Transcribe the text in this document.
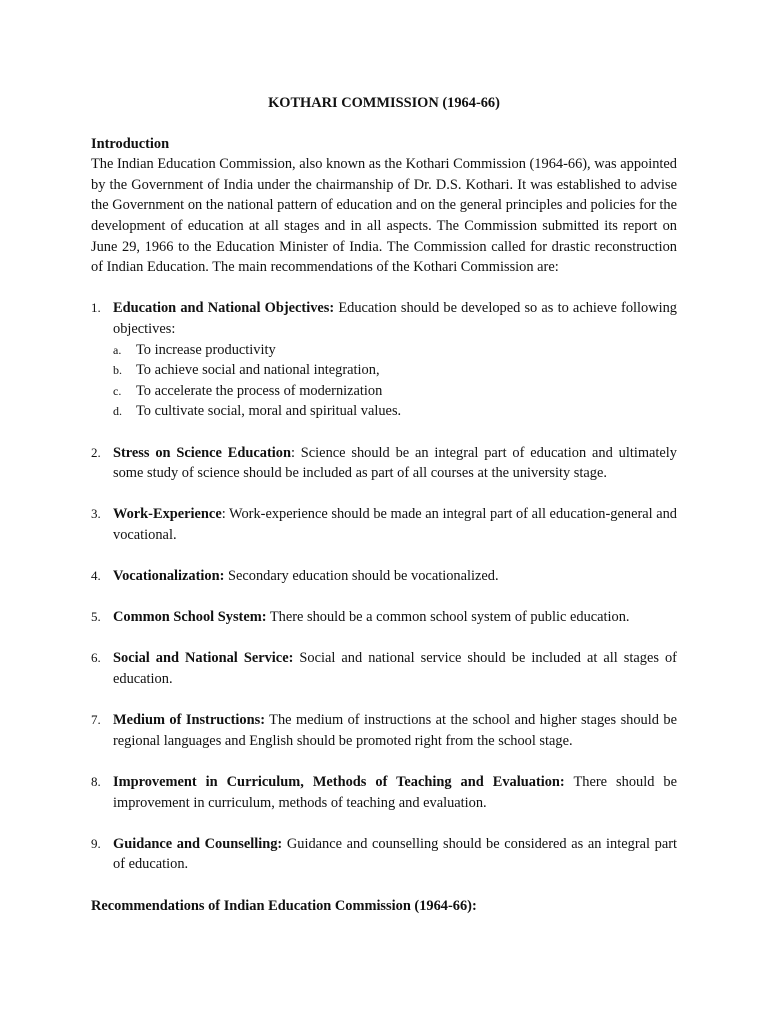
KOTHARI COMMISSION (1964-66)

Introduction

The Indian Education Commission, also known as the Kothari Commission (1964-66), was appointed by the Government of India under the chairmanship of Dr. D.S. Kothari. It was established to advise the Government on the national pattern of education and on the general principles and policies for the development of education at all stages and in all aspects. The Commission submitted its report on June 29, 1966 to the Education Minister of India. The Commission called for drastic reconstruction of Indian Education. The main recommendations of the Kothari Commission are:

1. Education and National Objectives: Education should be developed so as to achieve following objectives:
a. To increase productivity
b. To achieve social and national integration,
c. To accelerate the process of modernization
d. To cultivate social, moral and spiritual values.
2. Stress on Science Education: Science should be an integral part of education and ultimately some study of science should be included as part of all courses at the university stage.
3. Work-Experience: Work-experience should be made an integral part of all education-general and vocational.
4. Vocationalization: Secondary education should be vocationalized.
5. Common School System: There should be a common school system of public education.
6. Social and National Service: Social and national service should be included at all stages of education.
7. Medium of Instructions: The medium of instructions at the school and higher stages should be regional languages and English should be promoted right from the school stage.
8. Improvement in Curriculum, Methods of Teaching and Evaluation: There should be improvement in curriculum, methods of teaching and evaluation.
9. Guidance and Counselling: Guidance and counselling should be considered as an integral part of education.

Recommendations of Indian Education Commission (1964-66):
